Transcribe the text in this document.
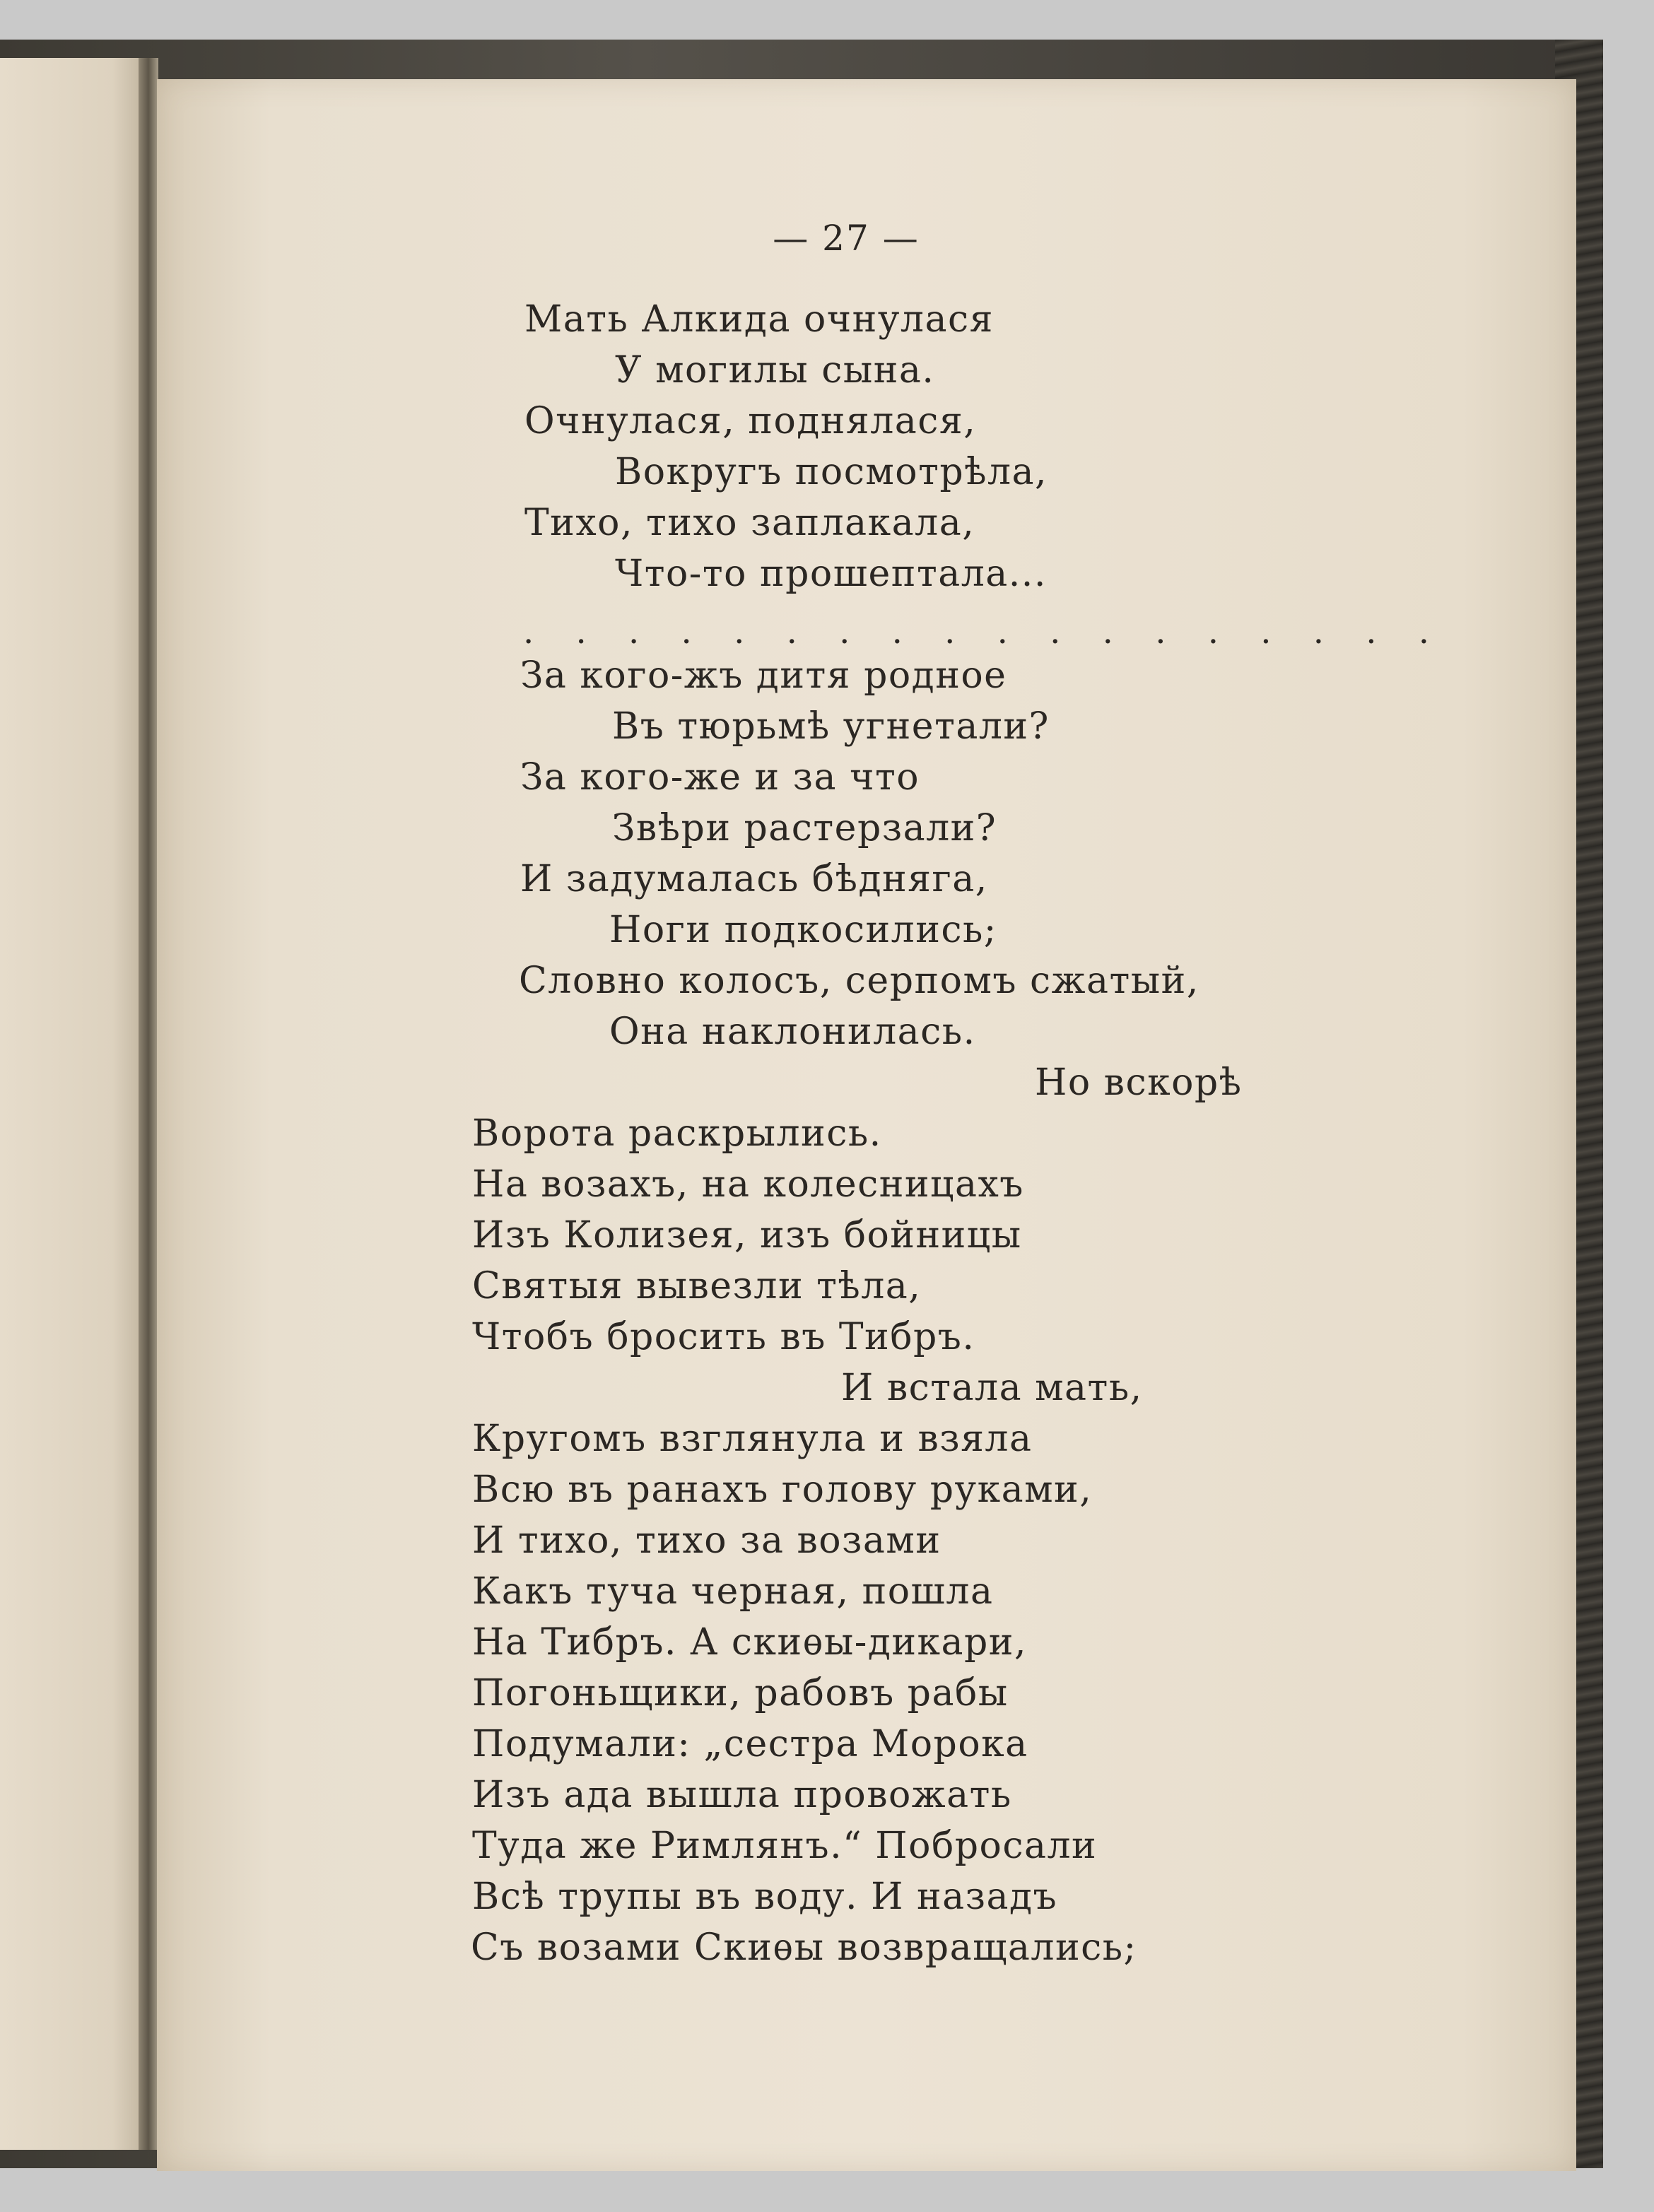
— 27 —
Мать Алкида очнулася
У могилы сына.
Очнулася, поднялася,
Вокругъ посмотрѣла,
Тихо, тихо заплакала,
Что-то прошептала...
. . . . . . . . . . . . . . . . . .
За кого-жъ дитя родное
Въ тюрьмѣ угнетали?
За кого-же и за что
Звѣри растерзали?
И задумалась бѣдняга,
Ноги подкосились;
Словно колосъ, серпомъ сжатый,
Она наклонилась.
Но вскорѣ
Ворота раскрылись.
На возахъ, на колесницахъ
Изъ Колизея, изъ бойницы
Святыя вывезли тѣла,
Чтобъ бросить въ Тибръ.
И встала мать,
Кругомъ взглянула и взяла
Всю въ ранахъ голову руками,
И тихо, тихо за возами
Какъ туча черная, пошла
На Тибръ. А скиѳы-дикари,
Погоньщики, рабовъ рабы
Подумали: „сестра Морока
Изъ ада вышла провожать
Туда же Римлянъ.“ Побросали
Всѣ трупы въ воду. И назадъ
Съ возами Скиѳы возвращались;
